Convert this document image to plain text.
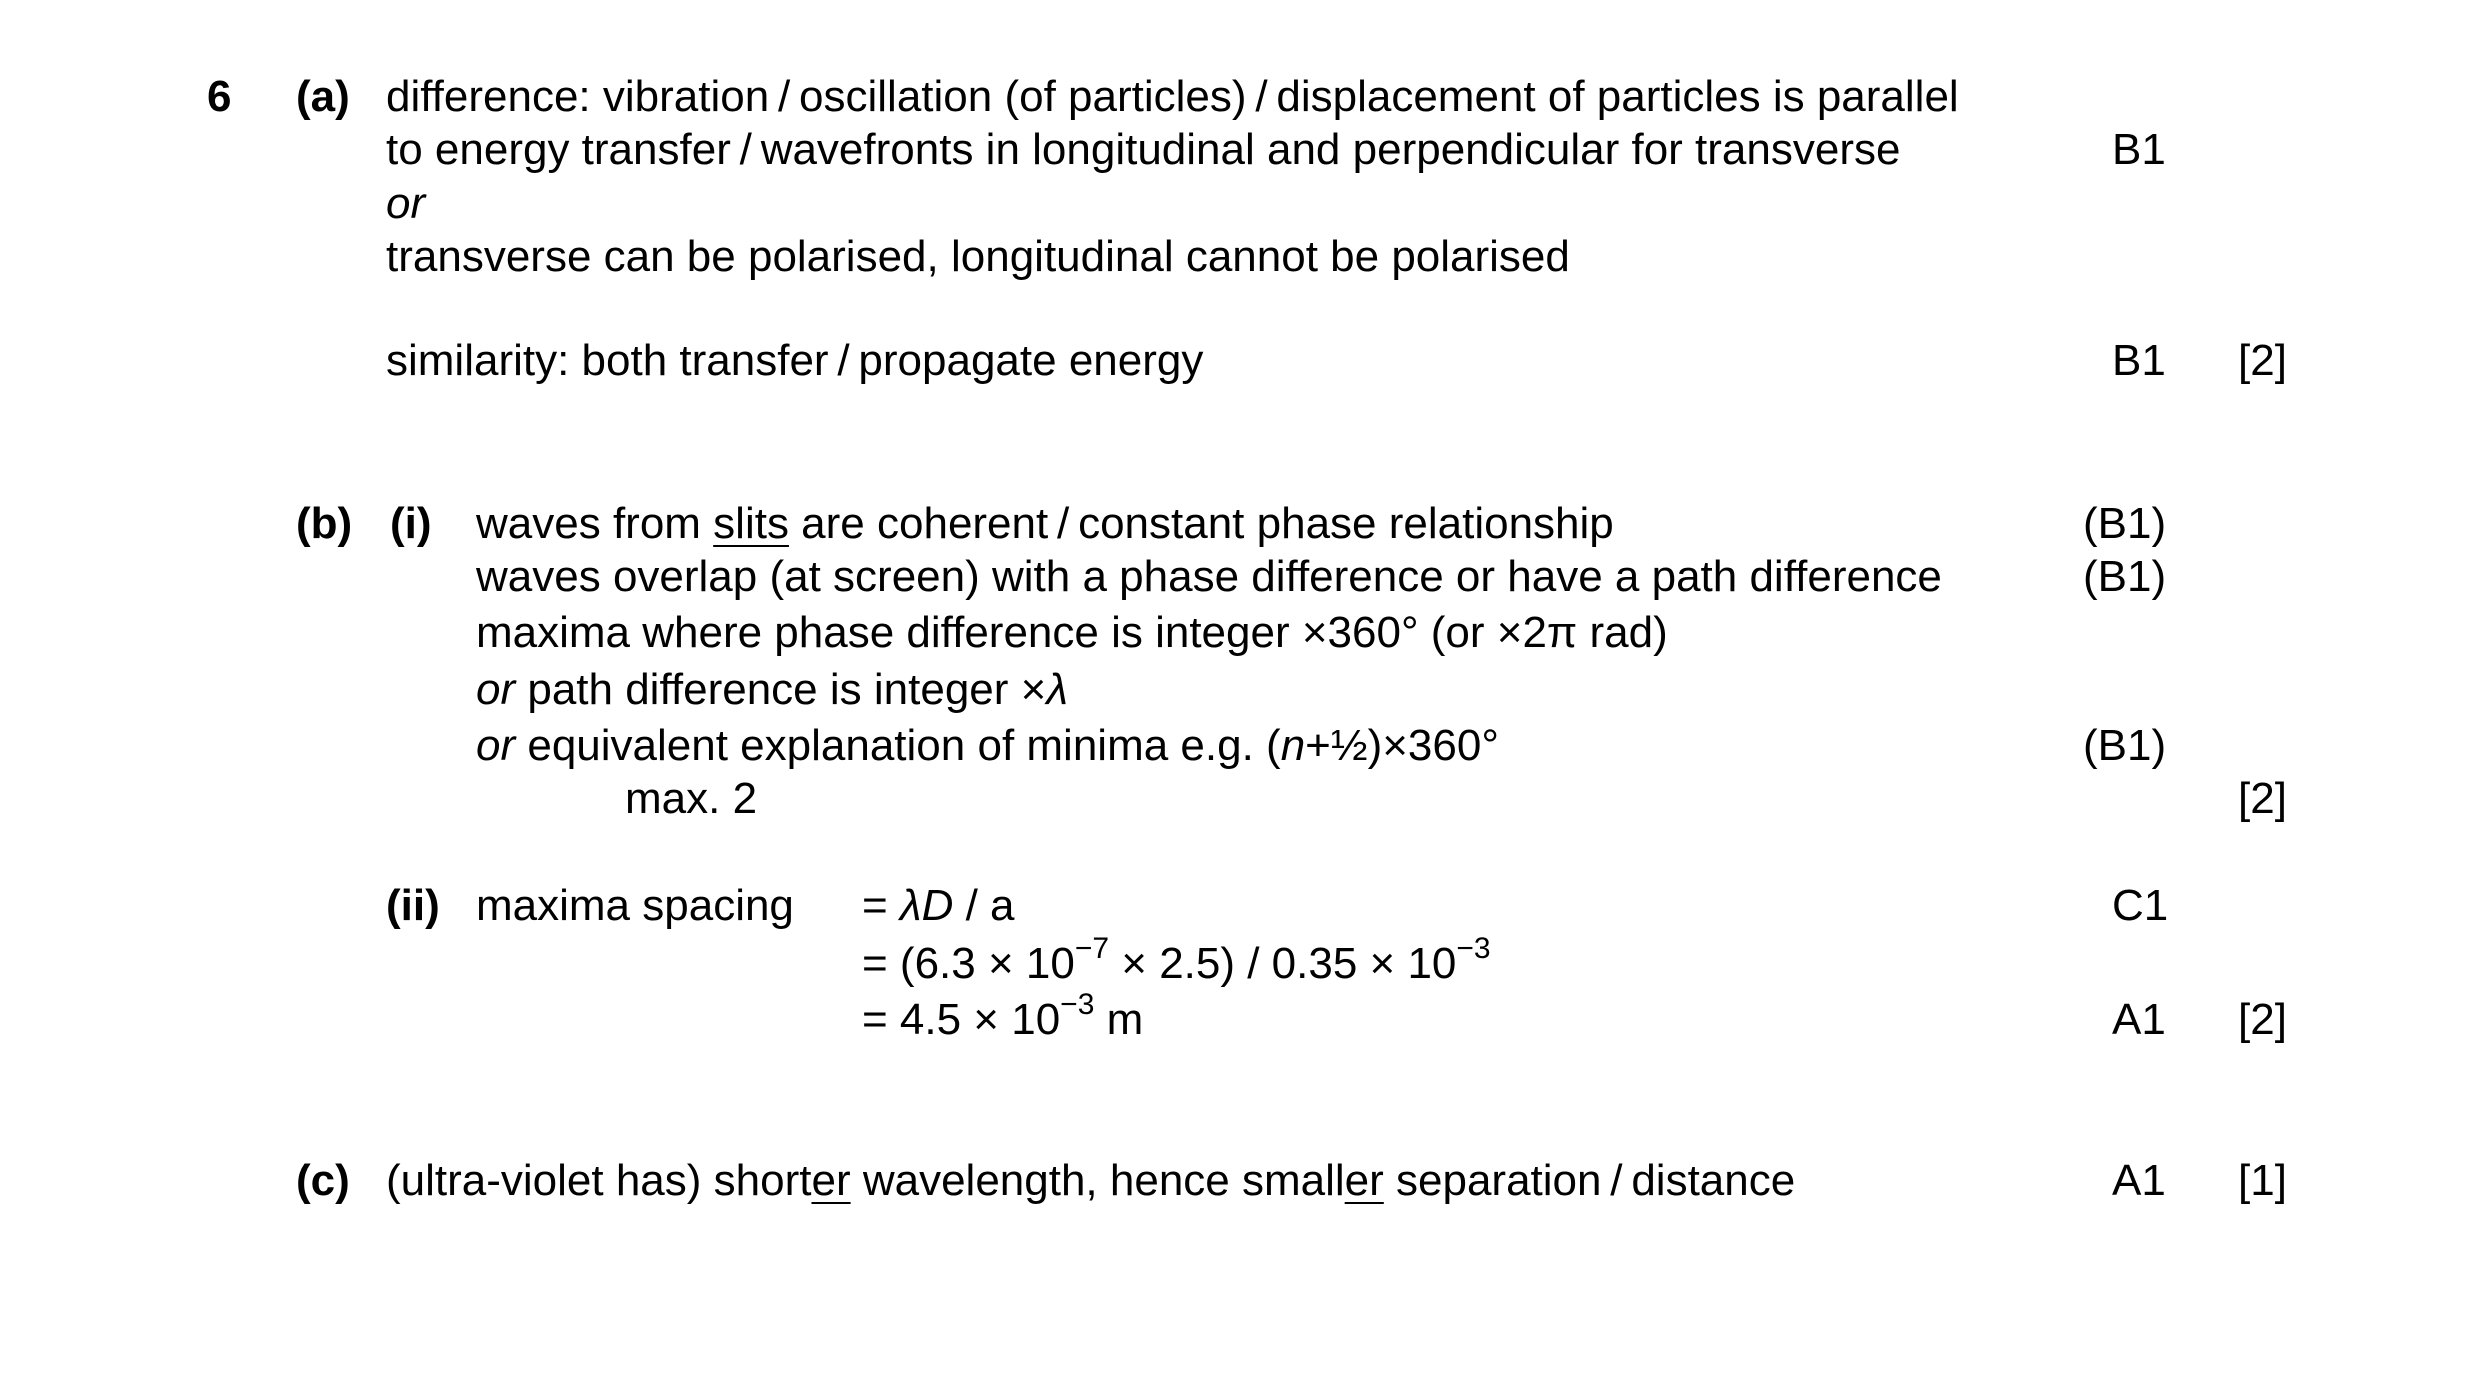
6 (a) difference: vibration / oscillation (of particles) / displacement of particles is parallel
to energy transfer / wavefronts in longitudinal and perpendicular for transverse	B1
or
transverse can be polarised, longitudinal cannot be polarised
similarity: both transfer / propagate energy	B1 [2]
(b) (i) waves from slits are coherent / constant phase relationship	(B1)
waves overlap (at screen) with a phase difference or have a path difference	(B1)
maxima where phase difference is integer ×360° (or ×2π rad)
or path difference is integer ×λ
or equivalent explanation of minima e.g. (n+½)×360°	(B1)
max. 2	[2]
(ii) maxima spacing = λD / a	C1
= $(6.3 \times 10^{-7} \times 2.5) / 0.35 \times 10^{-3}$
= $4.5 \times 10^{-3}$ m	A1 [2]
(c) (ultra-violet has) shorter wavelength, hence smaller separation / distance	A1 [1]
